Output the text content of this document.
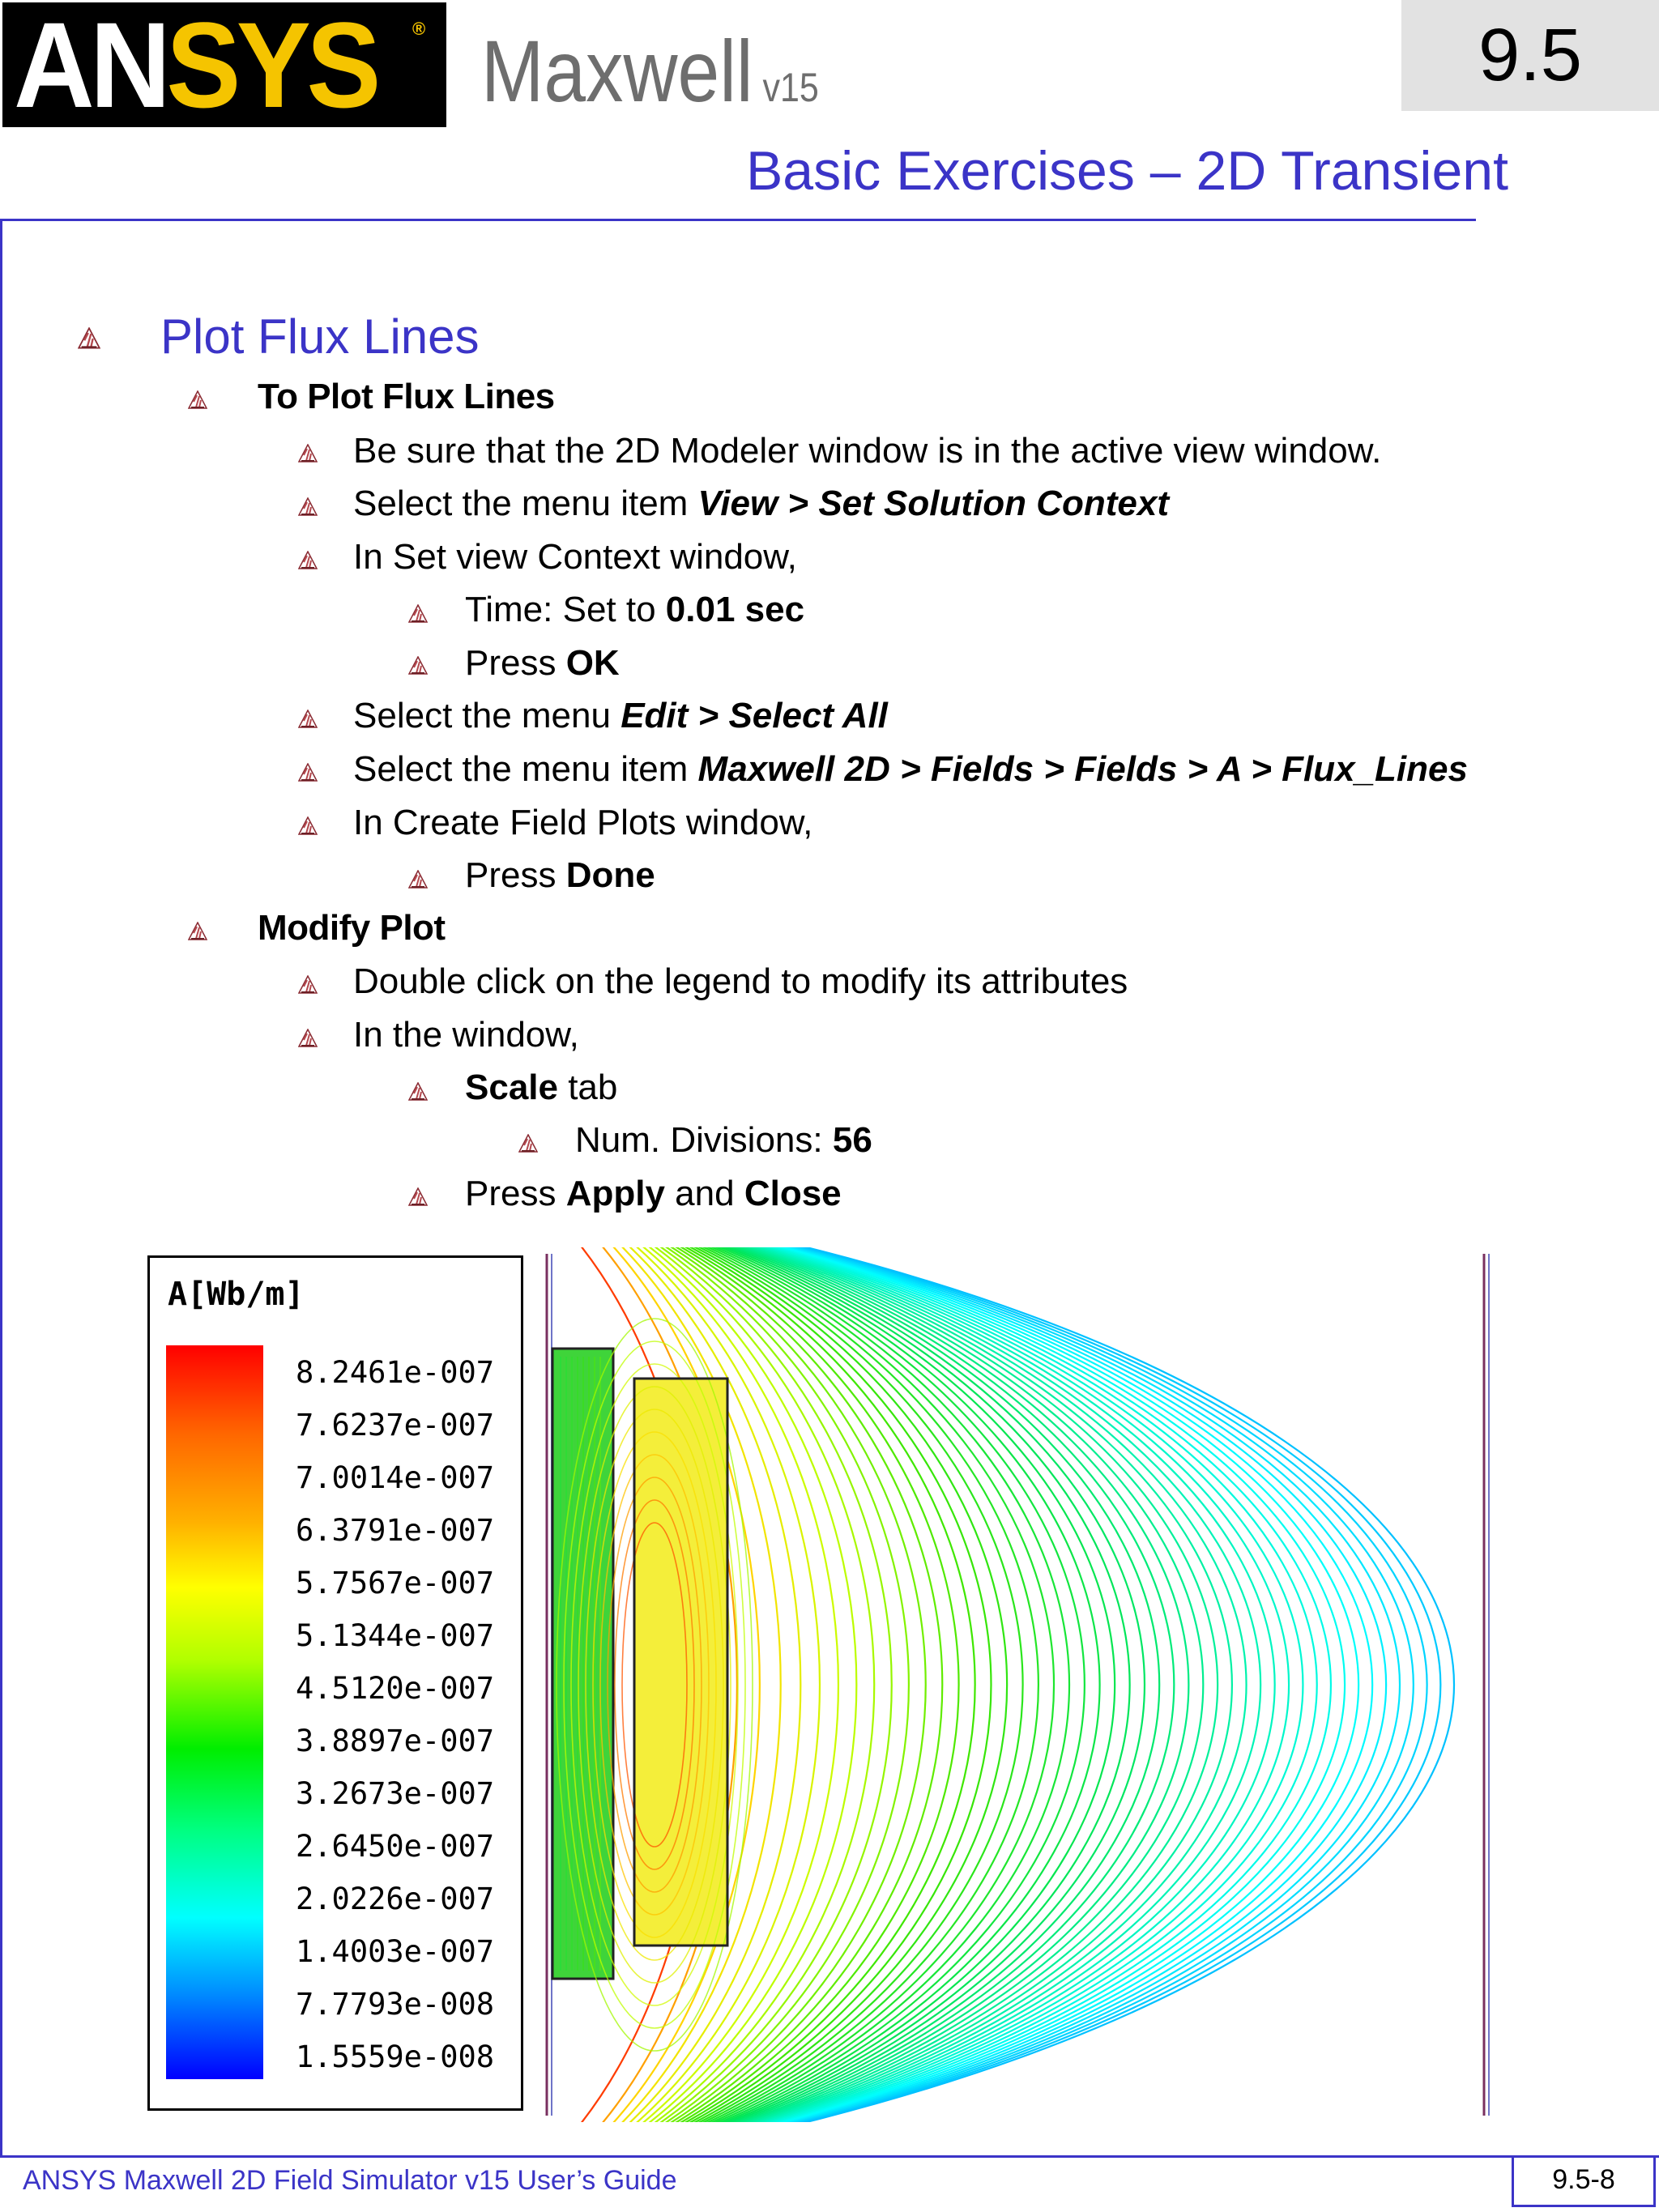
ANSYS ® Maxwell v15	9.5
Basic Exercises – 2D Transient
Plot Flux Lines
To Plot Flux Lines
Be sure that the 2D Modeler window is in the active view window.
Select the menu item View > Set Solution Context
In Set view Context window,
Time: Set to 0.01 sec
Press OK
Select the menu Edit > Select All
Select the menu item Maxwell 2D > Fields > Fields > A > Flux_Lines
In Create Field Plots window,
Press Done
Modify Plot
Double click on the legend to modify its attributes
In the window,
Scale tab
Num. Divisions: 56
Press Apply and Close
A[Wb/m]
8.2461e-007
7.6237e-007
7.0014e-007
6.3791e-007
5.7567e-007
5.1344e-007
4.5120e-007
3.8897e-007
3.2673e-007
2.6450e-007
2.0226e-007
1.4003e-007
7.7793e-008
1.5559e-008
ANSYS Maxwell 2D Field Simulator v15 User’s Guide	9.5-8
